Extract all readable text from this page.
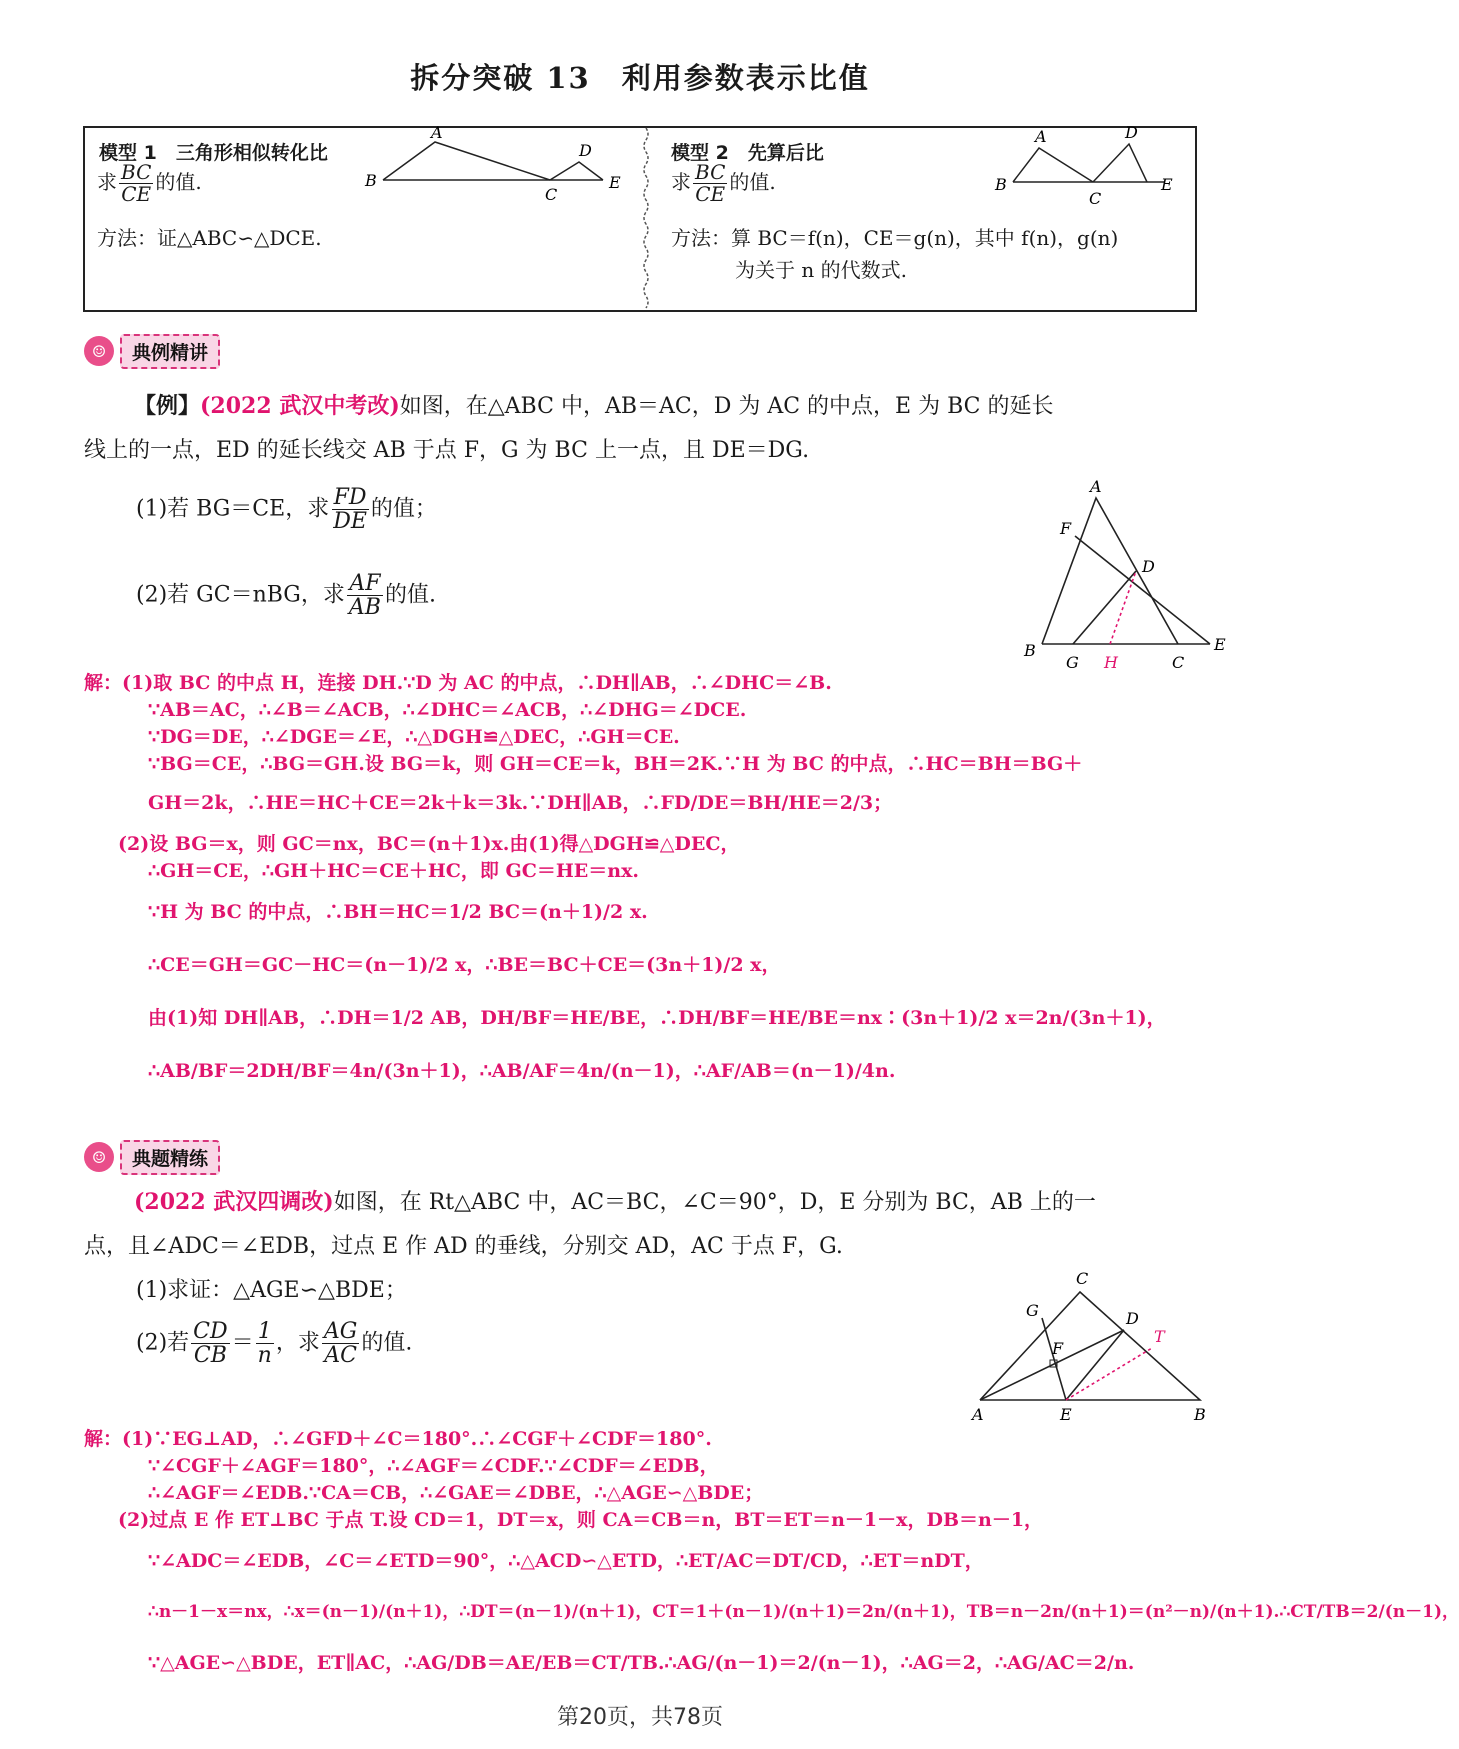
拆分突破 13　利用参数表示比值
模型 1　三角形相似转化比
求 $\frac{BC}{CE}$ 的值.
方法：证△ABC∽△DCE.
A
B
C
D
E
模型 2　先算后比
求 $\frac{BC}{CE}$ 的值.
方法：算 BC＝f(n)，CE＝g(n)，其中 f(n)，g(n)
为关于 n 的代数式.
A
B
C
D
E
☺	典例精讲
【例】(2022 武汉中考改)如图，在△ABC 中，AB＝AC，D 为 AC 的中点，E 为 BC 的延长
线上的一点，ED 的延长线交 AB 于点 F，G 为 BC 上一点，且 DE＝DG.
(1)若 BG＝CE，求 $\frac{FD}{DE}$ 的值；
(2)若 GC＝nBG，求 $\frac{AF}{AB}$ 的值.
A
F
D
B
G H	C
E
解：(1)取 BC 的中点 H，连接 DH.∵D 为 AC 的中点，∴DH∥AB，∴∠DHC＝∠B.
∵AB＝AC，∴∠B＝∠ACB，∴∠DHC＝∠ACB，∴∠DHG＝∠DCE.
∵DG＝DE，∴∠DGE＝∠E，∴△DGH≌△DEC，∴GH＝CE.
∵BG＝CE，∴BG＝GH.设 BG＝k，则 GH＝CE＝k，BH＝2K.∵H 为 BC 的中点，∴HC＝BH＝BG＋
GH＝2k，∴HE＝HC＋CE＝2k＋k＝3k.∵DH∥AB，∴FD/DE＝BH/HE＝2/3；
(2)设 BG＝x，则 GC＝nx，BC＝(n＋1)x.由(1)得△DGH≌△DEC，
∴GH＝CE，∴GH＋HC＝CE＋HC，即 GC＝HE＝nx.
∵H 为 BC 的中点，∴BH＝HC＝1/2 BC＝(n＋1)/2 x.
∴CE＝GH＝GC－HC＝(n－1)/2 x，∴BE＝BC＋CE＝(3n＋1)/2 x，
由(1)知 DH∥AB，∴DH＝1/2 AB，DH/BF＝HE/BE，∴DH/BF＝HE/BE＝nx∶(3n＋1)/2 x＝2n/(3n＋1)，
∴AB/BF＝2DH/BF＝4n/(3n＋1)，∴AB/AF＝4n/(n－1)，∴AF/AB＝(n－1)/4n.
☺	典题精练
(2022 武汉四调改)如图，在 Rt△ABC 中，AC＝BC，∠C＝90°，D，E 分别为 BC，AB 上的一
点，且∠ADC＝∠EDB，过点 E 作 AD 的垂线，分别交 AD，AC 于点 F，G.
(1)求证：△AGE∽△BDE；
(2)若 $\frac{CD}{CB} = \frac{1}{n}$ ，求 $\frac{AG}{AC}$ 的值.
C
G	D
F
T
A	E	B
解：(1)∵EG⊥AD，∴∠GFD＋∠C＝180°.∴∠CGF＋∠CDF＝180°.
∵∠CGF＋∠AGF＝180°，∴∠AGF＝∠CDF.∵∠CDF＝∠EDB，
∴∠AGF＝∠EDB.∵CA＝CB，∴∠GAE＝∠DBE，∴△AGE∽△BDE；
(2)过点 E 作 ET⊥BC 于点 T.设 CD＝1，DT＝x，则 CA＝CB＝n，BT＝ET＝n－1－x，DB＝n－1，
∵∠ADC＝∠EDB，∠C＝∠ETD＝90°，∴△ACD∽△ETD，∴ET/AC＝DT/CD，∴ET＝nDT，
∴n－1－x＝nx，∴x＝(n－1)/(n＋1)，∴DT＝(n－1)/(n＋1)，CT＝1＋(n－1)/(n＋1)＝2n/(n＋1)，TB＝n－2n/(n＋1)＝(n²－n)/(n＋1).∴CT/TB＝2/(n－1)，
∵△AGE∽△BDE，ET∥AC，∴AG/DB＝AE/EB＝CT/TB.∴AG/(n－1)＝2/(n－1)，∴AG＝2，∴AG/AC＝2/n.
第20页，共78页
